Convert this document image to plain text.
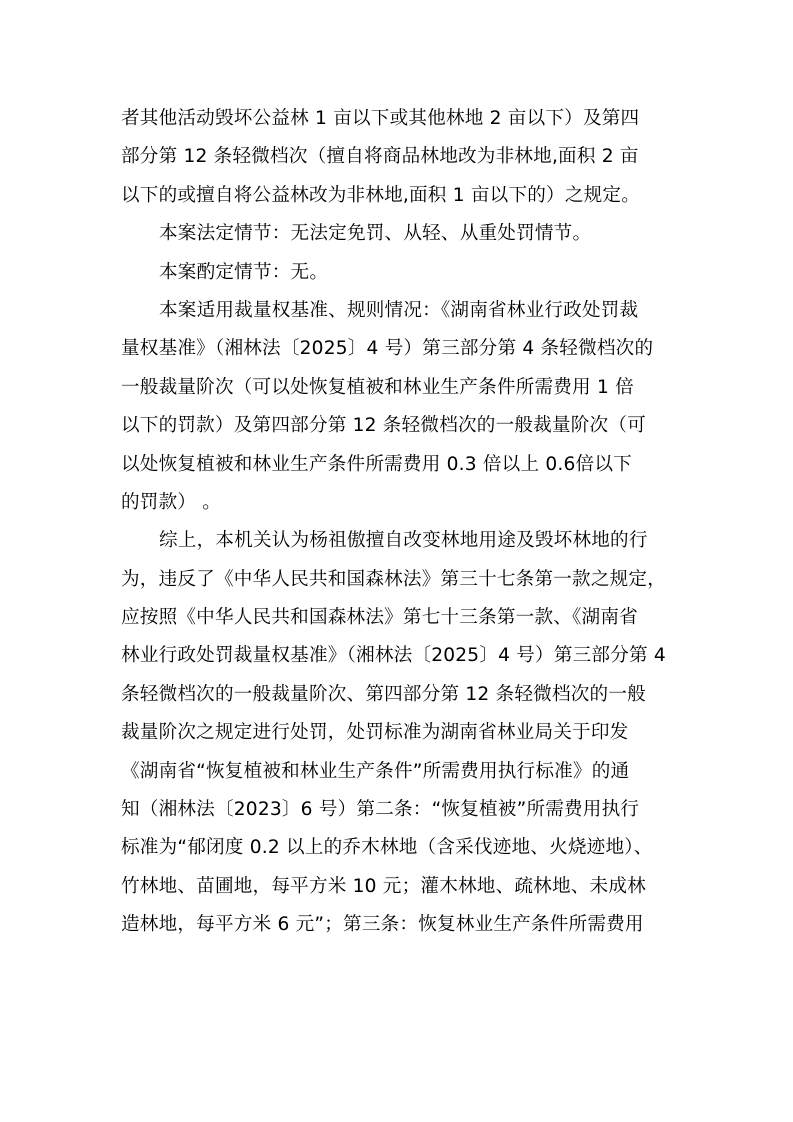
者其他活动毁坏公益林 1 亩以下或其他林地 2 亩以下）及第四
部分第 12 条轻微档次（擅自将商品林地改为非林地,面积 2 亩
以下的或擅自将公益林改为非林地,面积 1 亩以下的）之规定。
本案法定情节：无法定免罚、从轻、从重处罚情节。
本案酌定情节：无。
本案适用裁量权基准、规则情况：《湖南省林业行政处罚裁
量权基准》（湘林法〔2025〕4 号）第三部分第 4 条轻微档次的
一般裁量阶次（可以处恢复植被和林业生产条件所需费用 1 倍
以下的罚款）及第四部分第 12 条轻微档次的一般裁量阶次（可
以处恢复植被和林业生产条件所需费用 0.3 倍以上 0.6倍以下
的罚款） 。
综上，本机关认为杨祖傲擅自改变林地用途及毁坏林地的行
为，违反了《中华人民共和国森林法》第三十七条第一款之规定，
应按照《中华人民共和国森林法》第七十三条第一款、《湖南省
林业行政处罚裁量权基准》（湘林法〔2025〕4 号）第三部分第 4
条轻微档次的一般裁量阶次、第四部分第 12 条轻微档次的一般
裁量阶次之规定进行处罚，处罚标准为湖南省林业局关于印发
《湖南省“恢复植被和林业生产条件”所需费用执行标准》的通
知（湘林法〔2023〕6 号）第二条：“恢复植被”所需费用执行
标准为“郁闭度 0.2 以上的乔木林地（含采伐迹地、火烧迹地）、
竹林地、苗圃地，每平方米 10 元；灌木林地、疏林地、未成林
造林地，每平方米 6 元”；第三条：恢复林业生产条件所需费用
